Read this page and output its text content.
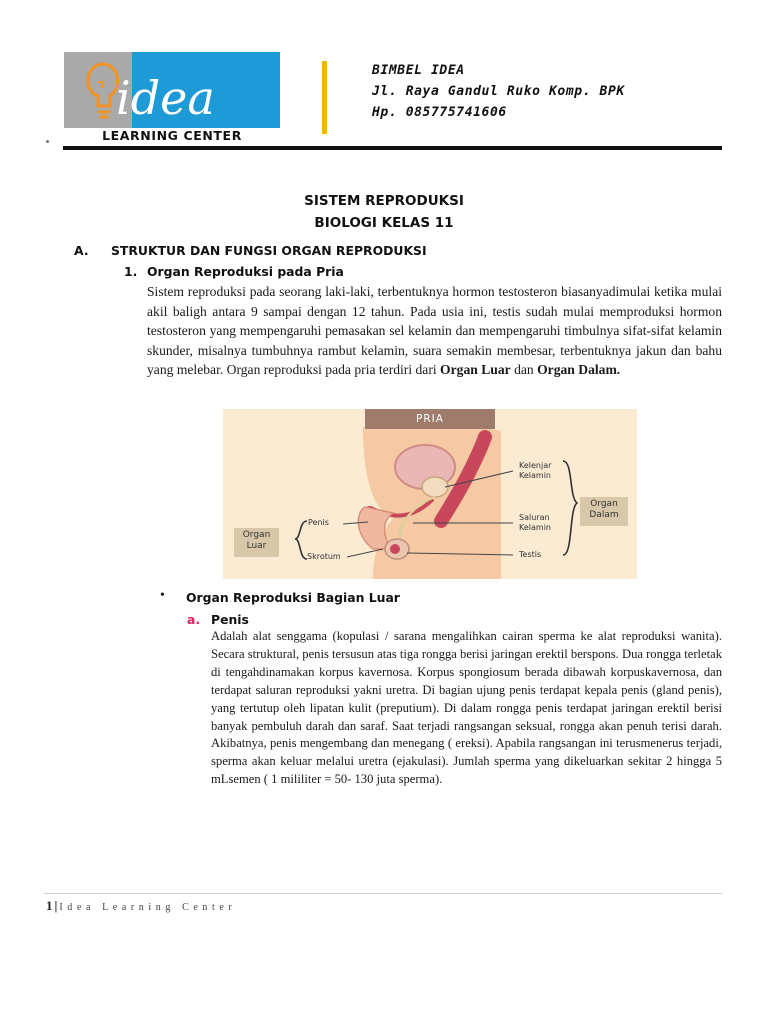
idea
LEARNING CENTER
BIMBEL IDEA
Jl. Raya Gandul Ruko Komp. BPK
Hp. 085775741606
SISTEM REPRODUKSI
BIOLOGI KELAS 11
A. STRUKTUR DAN FUNGSI ORGAN REPRODUKSI
1. Organ Reproduksi pada Pria
Sistem reproduksi pada seorang laki-laki, terbentuknya hormon testosteron biasanyadimulai ketika mulai akil baligh antara 9 sampai dengan 12 tahun. Pada usia ini, testis sudah mulai memproduksi hormon testosteron yang mempengaruhi pemasakan sel kelamin dan mempengaruhi timbulnya sifat-sifat kelamin skunder, misalnya tumbuhnya rambut kelamin, suara semakin membesar, terbentuknya jakun dan bahu yang melebar. Organ reproduksi pada pria terdiri dari Organ Luar dan Organ Dalam.
PRIA
Organ Luar
Organ Dalam
Penis
Skrotum
Kelenjar Kelamin
Saluran Kelamin
Testis
• Organ Reproduksi Bagian Luar
a. Penis
Adalah alat senggama (kopulasi / sarana mengalihkan cairan sperma ke alat reproduksi wanita). Secara struktural, penis tersusun atas tiga rongga berisi jaringan erektil berspons. Dua rongga terletak di tengahdinamakan korpus kavernosa. Korpus spongiosum berada dibawah korpuskavernosa, dan terdapat saluran reproduksi yakni uretra. Di bagian ujung penis terdapat kepala penis (gland penis), yang tertutup oleh lipatan kulit (preputium). Di dalam rongga penis terdapat jaringan erektil berisi banyak pembuluh darah dan saraf. Saat terjadi rangsangan seksual, rongga akan penuh terisi darah. Akibatnya, penis mengembang dan menegang ( ereksi). Apabila rangsangan ini terusmenerus terjadi, sperma akan keluar melalui uretra (ejakulasi). Jumlah sperma yang dikeluarkan sekitar 2 hingga 5 mLsemen ( 1 mililiter = 50- 130 juta sperma).
1 | Idea Learning Center
